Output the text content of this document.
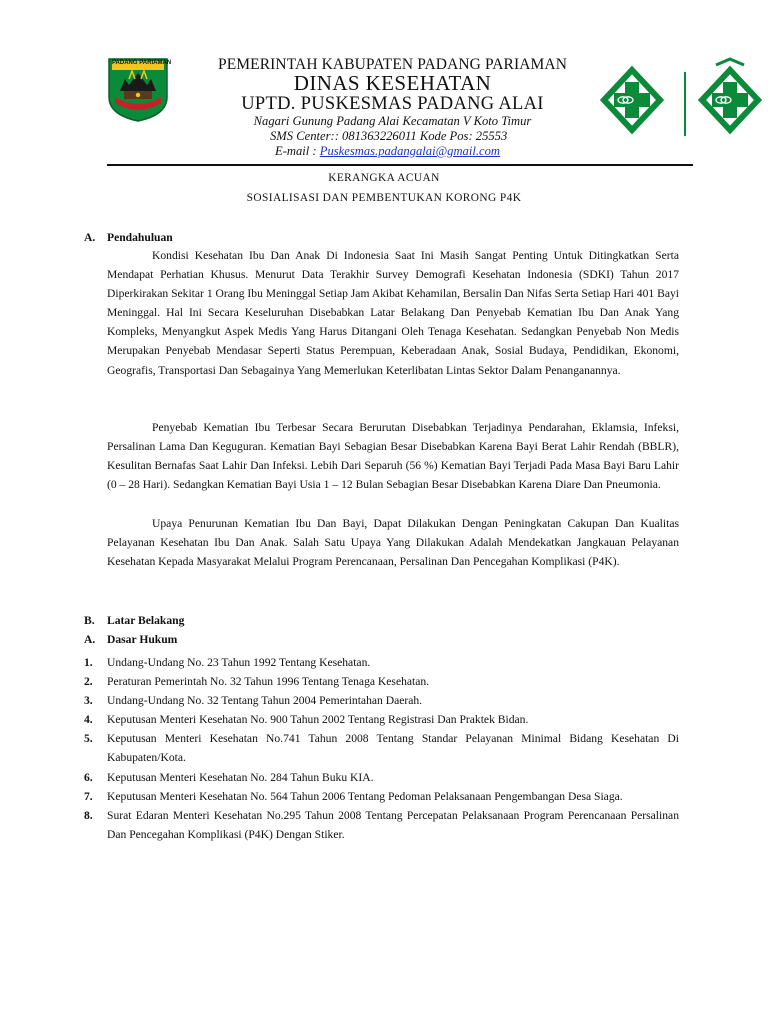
PADANG PARIAMAN	PEMERINTAH KABUPATEN PADANG PARIAMAN
DINAS KESEHATAN
UPTD. PUSKESMAS PADANG ALAI
Nagari Gunung Padang Alai Kecamatan V Koto Timur
SMS Center:: 081363226011 Kode Pos: 25553
E-mail : Puskesmas.padangalai@gmail.com
KERANGKA ACUAN
SOSIALISASI DAN PEMBENTUKAN KORONG P4K
A. Pendahuluan

Kondisi Kesehatan Ibu Dan Anak Di Indonesia Saat Ini Masih Sangat Penting Untuk Ditingkatkan Serta Mendapat Perhatian Khusus. Menurut Data Terakhir Survey Demografi Kesehatan Indonesia (SDKI) Tahun 2017 Diperkirakan Sekitar 1 Orang Ibu Meninggal Setiap Jam Akibat Kehamilan, Bersalin Dan Nifas Serta Setiap Hari 401 Bayi Meninggal. Hal Ini Secara Keseluruhan Disebabkan Latar Belakang Dan Penyebab Kematian Ibu Dan Anak Yang Kompleks, Menyangkut Aspek Medis Yang Harus Ditangani Oleh Tenaga Kesehatan. Sedangkan Penyebab Non Medis Merupakan Penyebab Mendasar Seperti Status Perempuan, Keberadaan Anak, Sosial Budaya, Pendidikan, Ekonomi, Geografis, Transportasi Dan Sebagainya Yang Memerlukan Keterlibatan Lintas Sektor Dalam Penanganannya.

Penyebab Kematian Ibu Terbesar Secara Berurutan Disebabkan Terjadinya Pendarahan, Eklamsia, Infeksi, Persalinan Lama Dan Keguguran. Kematian Bayi Sebagian Besar Disebabkan Karena Bayi Berat Lahir Rendah (BBLR), Kesulitan Bernafas Saat Lahir Dan Infeksi. Lebih Dari Separuh (56 %) Kematian Bayi Terjadi Pada Masa Bayi Baru Lahir (0 – 28 Hari). Sedangkan Kematian Bayi Usia 1 – 12 Bulan Sebagian Besar Disebabkan Karena Diare Dan Pneumonia.

Upaya Penurunan Kematian Ibu Dan Bayi, Dapat Dilakukan Dengan Peningkatan Cakupan Dan Kualitas Pelayanan Kesehatan Ibu Dan Anak. Salah Satu Upaya Yang Dilakukan Adalah Mendekatkan Jangkauan Pelayanan Kesehatan Kepada Masyarakat Melalui Program Perencanaan, Persalinan Dan Pencegahan Komplikasi (P4K).

B. Latar Belakang
A. Dasar Hukum
1. Undang-Undang No. 23 Tahun 1992 Tentang Kesehatan.
2. Peraturan Pemerintah No. 32 Tahun 1996 Tentang Tenaga Kesehatan.
3. Undang-Undang No. 32 Tentang Tahun 2004 Pemerintahan Daerah.
4. Keputusan Menteri Kesehatan No. 900 Tahun 2002 Tentang Registrasi Dan Praktek Bidan.
5. Keputusan Menteri Kesehatan No.741 Tahun 2008 Tentang Standar Pelayanan Minimal Bidang Kesehatan Di Kabupaten/Kota.
6. Keputusan Menteri Kesehatan No. 284 Tahun Buku KIA.
7. Keputusan Menteri Kesehatan No. 564 Tahun 2006 Tentang Pedoman Pelaksanaan Pengembangan Desa Siaga.
8. Surat Edaran Menteri Kesehatan No.295 Tahun 2008 Tentang Percepatan Pelaksanaan Program Perencanaan Persalinan Dan Pencegahan Komplikasi (P4K) Dengan Stiker.
